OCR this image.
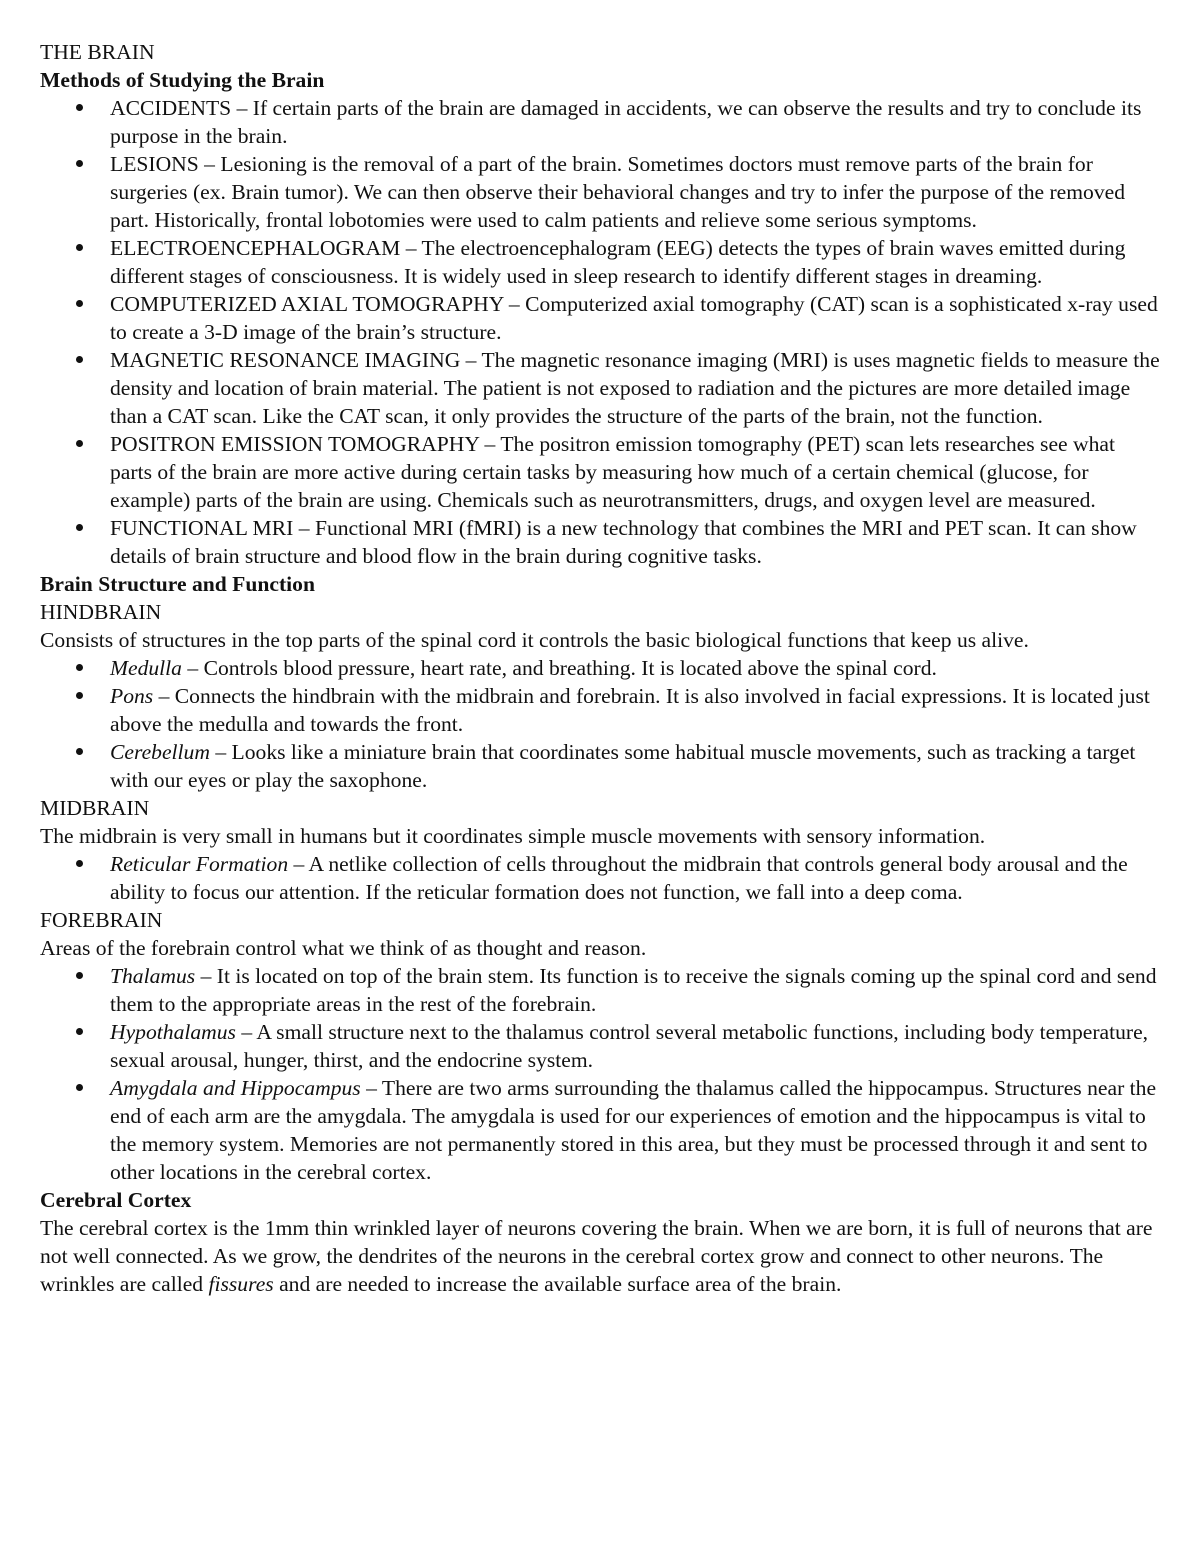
THE BRAIN

Methods of Studying the Brain

ACCIDENTS – If certain parts of the brain are damaged in accidents, we can observe the results and try to conclude its purpose in the brain.
LESIONS – Lesioning is the removal of a part of the brain. Sometimes doctors must remove parts of the brain for surgeries (ex. Brain tumor). We can then observe their behavioral changes and try to infer the purpose of the removed part. Historically, frontal lobotomies were used to calm patients and relieve some serious symptoms.
ELECTROENCEPHALOGRAM – The electroencephalogram (EEG) detects the types of brain waves emitted during different stages of consciousness. It is widely used in sleep research to identify different stages in dreaming.
COMPUTERIZED AXIAL TOMOGRAPHY – Computerized axial tomography (CAT) scan is a sophisticated x-ray used to create a 3-D image of the brain’s structure.
MAGNETIC RESONANCE IMAGING – The magnetic resonance imaging (MRI) is uses magnetic fields to measure the density and location of brain material. The patient is not exposed to radiation and the pictures are more detailed image than a CAT scan. Like the CAT scan, it only provides the structure of the parts of the brain, not the function.
POSITRON EMISSION TOMOGRAPHY – The positron emission tomography (PET) scan lets researches see what parts of the brain are more active during certain tasks by measuring how much of a certain chemical (glucose, for example) parts of the brain are using. Chemicals such as neurotransmitters, drugs, and oxygen level are measured.
FUNCTIONAL MRI – Functional MRI (fMRI) is a new technology that combines the MRI and PET scan. It can show details of brain structure and blood flow in the brain during cognitive tasks.

Brain Structure and Function

HINDBRAIN

Consists of structures in the top parts of the spinal cord it controls the basic biological functions that keep us alive.

Medulla – Controls blood pressure, heart rate, and breathing. It is located above the spinal cord.
Pons – Connects the hindbrain with the midbrain and forebrain. It is also involved in facial expressions. It is located just above the medulla and towards the front.
Cerebellum – Looks like a miniature brain that coordinates some habitual muscle movements, such as tracking a target with our eyes or play the saxophone.

MIDBRAIN

The midbrain is very small in humans but it coordinates simple muscle movements with sensory information.

Reticular Formation – A netlike collection of cells throughout the midbrain that controls general body arousal and the ability to focus our attention. If the reticular formation does not function, we fall into a deep coma.

FOREBRAIN

Areas of the forebrain control what we think of as thought and reason.

Thalamus – It is located on top of the brain stem. Its function is to receive the signals coming up the spinal cord and send them to the appropriate areas in the rest of the forebrain.
Hypothalamus – A small structure next to the thalamus control several metabolic functions, including body temperature, sexual arousal, hunger, thirst, and the endocrine system.
Amygdala and Hippocampus – There are two arms surrounding the thalamus called the hippocampus. Structures near the end of each arm are the amygdala. The amygdala is used for our experiences of emotion and the hippocampus is vital to the memory system. Memories are not permanently stored in this area, but they must be processed through it and sent to other locations in the cerebral cortex.

Cerebral Cortex

The cerebral cortex is the 1mm thin wrinkled layer of neurons covering the brain. When we are born, it is full of neurons that are not well connected. As we grow, the dendrites of the neurons in the cerebral cortex grow and connect to other neurons. The wrinkles are called fissures and are needed to increase the available surface area of the brain.
